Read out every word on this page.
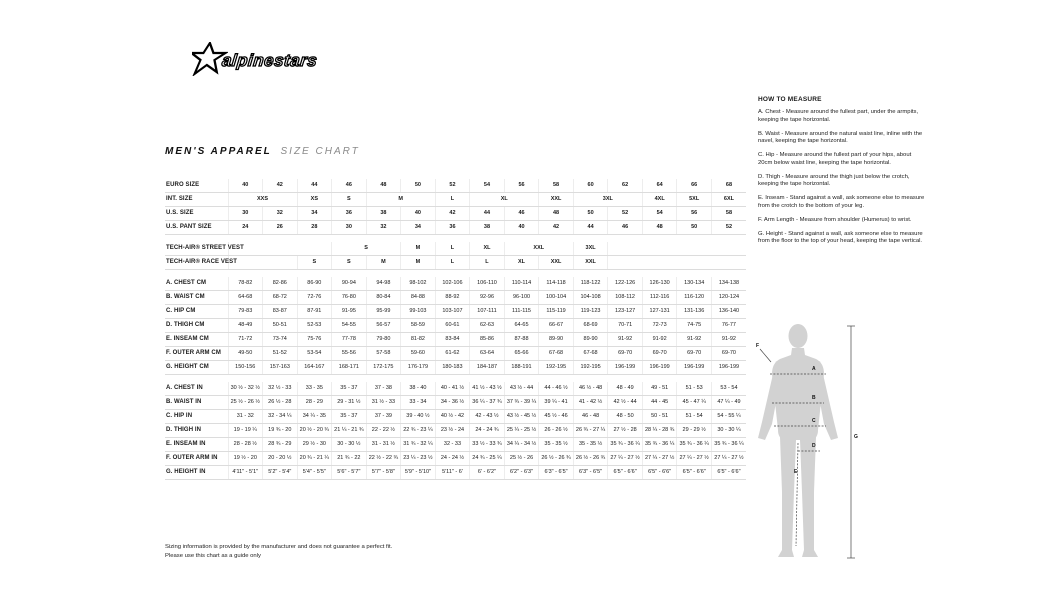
alpinestars
MEN'S APPAREL SIZE CHART
EURO SIZE	40	42	44	46	48	50	52	54	56	58	60	62	64	66	68
INT. SIZE	XXS		XS	S	M		L	XL		XXL	3XL		4XL	5XL	6XL
U.S. SIZE	30	32	34	36	38	40	42	44	46	48	50	52	54	56	58
U.S. PANT SIZE	24	26	28	30	32	34	36	38	40	42	44	46	48	50	52
TECH-AIR® STREET VEST			S		M	L	XL	XXL		3XL	
TECH-AIR® RACE VEST		S	S	M	M	L	L	XL	XXL	XXL	
A. CHEST CM	78-82	82-86	86-90	90-94	94-98	98-102	102-106	106-110	110-114	114-118	118-122	122-126	126-130	130-134	134-138
B. WAIST CM	64-68	68-72	72-76	76-80	80-84	84-88	88-92	92-96	96-100	100-104	104-108	108-112	112-116	116-120	120-124
C. HIP CM	79-83	83-87	87-91	91-95	95-99	99-103	103-107	107-111	111-115	115-119	119-123	123-127	127-131	131-136	136-140
D. THIGH CM	48-49	50-51	52-53	54-55	56-57	58-59	60-61	62-63	64-65	66-67	68-69	70-71	72-73	74-75	76-77
E. INSEAM CM	71-72	73-74	75-76	77-78	79-80	81-82	83-84	85-86	87-88	89-90	89-90	91-92	91-92	91-92	91-92
F. OUTER ARM CM	49-50	51-52	53-54	55-56	57-58	59-60	61-62	63-64	65-66	67-68	67-68	69-70	69-70	69-70	69-70
G. HEIGHT CM	150-156	157-163	164-167	168-171	172-175	176-179	180-183	184-187	188-191	192-195	192-195	196-199	196-199	196-199	196-199
A. CHEST IN	30 ½ - 32 ½	32 ½ - 33	33 - 35	35 - 37	37 - 38	38 - 40	40 - 41 ½	41 ½ - 43 ½	43 ½ - 44	44 - 46 ½	46 ½ - 48	48 - 49	49 - 51	51 - 53	53 - 54
B. WAIST IN	25 ½ - 26 ½	26 ½ - 28	28 - 29	29 - 31 ½	31 ½ - 33	33 - 34	34 - 36 ½	36 ¼ - 37 ¾	37 ¾ - 39 ¼	39 ¼ - 41	41 - 42 ½	42 ½ - 44	44 - 45	45 - 47 ¼	47 ¼ - 49
C. HIP IN	31 - 32	32 - 34 ¼	34 ¼ - 35	35 - 37	37 - 39	39 - 40 ½	40 ½ - 42	42 - 43 ½	43 ½ - 45 ½	45 ½ - 46	46 - 48	48 - 50	50 - 51	51 - 54	54 - 55 ¼
D. THIGH IN	19 - 19 ¼	19 ¾ - 20	20 ½ - 20 ¾	21 ¼ - 21 ¾	22 - 22 ½	22 ¾ - 23 ¼	23 ½ - 24	24 - 24 ¾	25 ¼ - 25 ½	26 - 26 ½	26 ¾ - 27 ¼	27 ½ - 28	28 ¼ - 28 ¾	29 - 29 ½	30 - 30 ¼
E. INSEAM IN	28 - 28 ½	28 ¾ - 29	29 ½ - 30	30 - 30 ½	31 - 31 ½	31 ¾ - 32 ¼	32 - 33	33 ½ - 33 ¾	34 ¼ - 34 ½	35 - 35 ½	35 - 35 ½	35 ¾ - 36 ¼	35 ¾ - 36 ¼	35 ¾ - 36 ¼	35 ¾ - 36 ¼
F. OUTER ARM IN	19 ½ - 20	20 - 20 ½	20 ¾ - 21 ¼	21 ¾ - 22	22 ½ - 22 ¾	23 ¼ - 23 ½	24 - 24 ½	24 ¾ - 25 ¼	25 ½ - 26	26 ½ - 26 ¾	26 ½ - 26 ¾	27 ¼ - 27 ½	27 ¼ - 27 ½	27 ¼ - 27 ½	27 ¼ - 27 ½
G. HEIGHT IN	4'11" - 5'1"	5'2" - 5'4"	5'4" - 5'5"	5'6" - 5'7"	5'7" - 5'8"	5'9" - 5'10"	5'11" - 6'	6' - 6'2"	6'2" - 6'3"	6'3" - 6'5"	6'3" - 6'5"	6'5" - 6'6"	6'5" - 6'6"	6'5" - 6'6"	6'5" - 6'6"
HOW TO MEASURE

A. Chest - Measure around the fullest part, under the armpits, keeping the tape horizontal.

B. Waist - Measure around the natural waist line, inline with the navel, keeping the tape horizontal.

C. Hip - Measure around the fullest part of your hips, about 20cm below waist line, keeping the tape horizontal.

D. Thigh - Measure around the thigh just below the crotch, keeping the tape horizontal.

E. Inseam - Stand against a wall, ask someone else to measure from the crotch to the bottom of your leg.

F. Arm Length - Measure from shoulder (Humerus) to wrist.

G. Height - Stand against a wall, ask someone else to measure from the floor to the top of your head, keeping the tape vertical.

A
B
C
D
E
F
G
Sizing information is provided by the manufacturer and does not guarantee a perfect fit.
Please use this chart as a guide only
